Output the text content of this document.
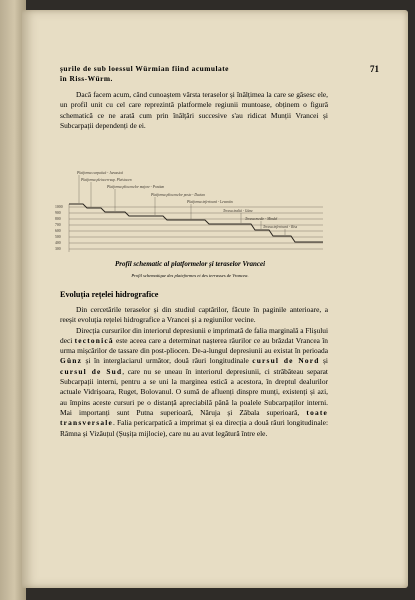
71

șurile de sub loessul Würmian fiind acumulate

în Riss-Würm.

Dacă facem acum, când cunoaștem vârsta teraselor și înălțimea la care se găsesc ele, un profil unit cu cel care reprezintă platformele regiunii muntoase, obținem o figură schematică ce ne arată cum prin înălțări succesive s'au ridicat Munții Vrancei și Subcarpații dependenți de ei.

1000
900
800
700
600
500
400
300
Platforma carpatică - Jurassică
Platforma pleiocen-sup. Pleistocen
Platforma pliocenelor majore - Pontian
Platforma pliocenelor poste - Dacian
Platforma inferioară - Levantin
Terasa inaltă - Günz
Terasa medie - Mindel
Terasa inferioară - Riss
Profil schematic al platformelor și teraselor Vrancei
Profil schematique des plateformes et des terrasses de Vrancea.
Evoluția rețelei hidrografice

Din cercetările teraselor și din studiul captărilor, făcute în paginile anterioare, a reeșit evoluția rețelei hidrografice a Vrancei și a regiunilor vecine.

Direcția cursurilor din interiorul depresiunii e imprimată de falia marginală a Flișului deci tectonică este aceea care a determinat nașterea râurilor ce au brăzdat Vrancea în urma mișcărilor de tassare din post-pliocen. De-a-lungul depresiunii au existat în perioada Günz și în interglaciarul următor, două râuri longitudinale cursul de Nord și cursul de Sud, care nu se uneau în interiorul depresiunii, ci străbăteau separat Subcarpații interni, pentru a se uni la marginea estică a acestora, în dreptul dealurilor actuale Vidrișoara, Ruget, Bolovanul. O sumă de afluenți dinspre munți, existenți și azi, au împins aceste cursuri pe o distanță apreciabilă până la poalele Subcarpaților interni. Mai importanți sunt Putna superioară, Năruja și Zăbala superioară, toate transversale. Falia pericarpatică a imprimat și ea direcția a două râuri longitudinale: Râmna și Vizăuțul (Șușița mijlocie), care nu au avut legătură între ele.
